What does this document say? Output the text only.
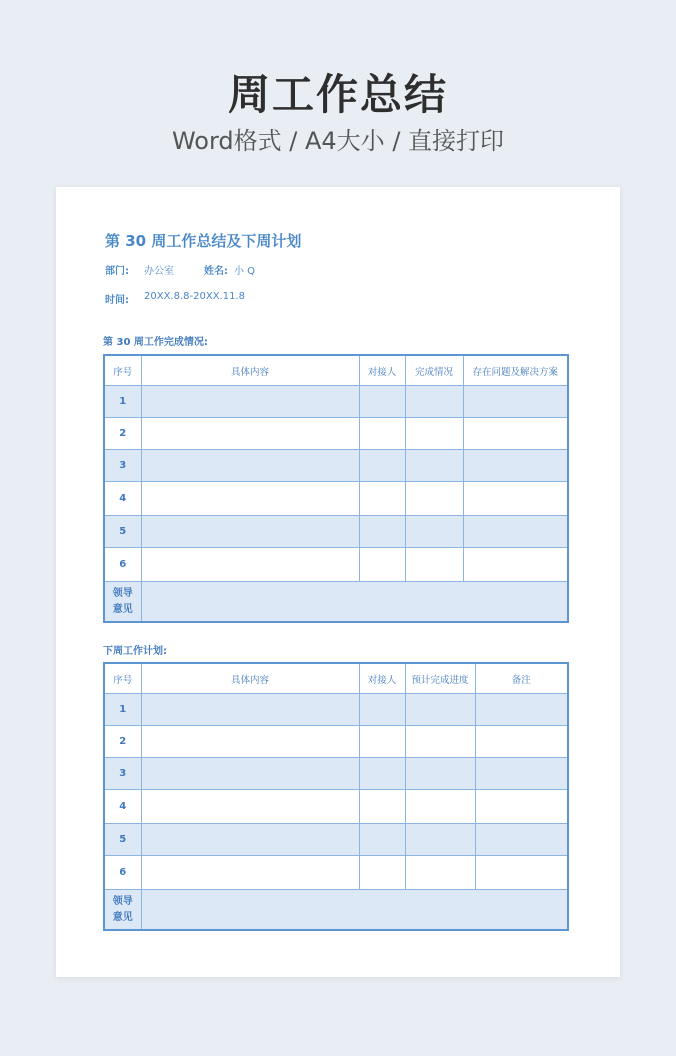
周工作总结
Word格式 / A4大小 / 直接打印
第 30 周工作总结及下周计划
部门: 办公室	姓名: 小 Q
时间: 20XX.8.8-20XX.11.8
第 30 周工作完成情况:
序号	具体内容	对接人	完成情况	存在问题及解决方案
1				
2				
3				
4				
5				
6				
领导
意见				
下周工作计划:
序号	具体内容	对接人	预计完成进度	备注
1				
2				
3				
4				
5				
6				
领导
意见				
